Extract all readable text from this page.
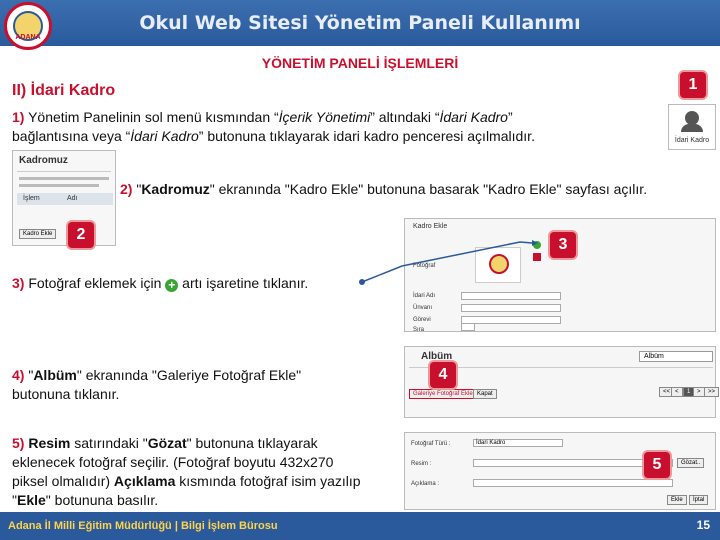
Okul Web Sitesi Yönetim Paneli Kullanımı
ADANA
YÖNETİM PANELİ İŞLEMLERİ
II) İdari Kadro	1
İdari Kadro
1) Yönetim Panelinin sol menü kısmından “İçerik Yönetimi” altındaki “İdari Kadro”
bağlantısına veya “İdari Kadro” butonuna tıklayarak idari kadro penceresi açılmalıdır.
Kadromuz
İşlem	Adı
Kadro Ekle	2
2) "Kadromuz" ekranında "Kadro Ekle" butonuna basarak "Kadro Ekle" sayfası açılır.
Kadro Ekle
Fotoğraf
İdari Adı
Ünvanı
Görevi
Sıra
3
3) Fotoğraf eklemek için + artı işaretine tıklanır.
Albüm	Albüm
Galeriye Fotoğraf Ekle Kapat	<< <	1	>	>>
4
4) "Albüm" ekranında "Galeriye Fotoğraf Ekle"
butonuna tıklanır.
Fotoğraf Türü :	İdari Kadro
Resim :	Gözat..
Açıklama :
Ekle	İptal
5
5) Resim satırındaki "Gözat" butonuna tıklayarak
eklenecek fotoğraf seçilir. (Fotoğraf boyutu 432x270
piksel olmalıdır) Açıklama kısmında fotoğraf isim yazılıp
"Ekle" botununa basılır.
Adana İl Milli Eğitim Müdürlüğü | Bilgi İşlem Bürosu	15
